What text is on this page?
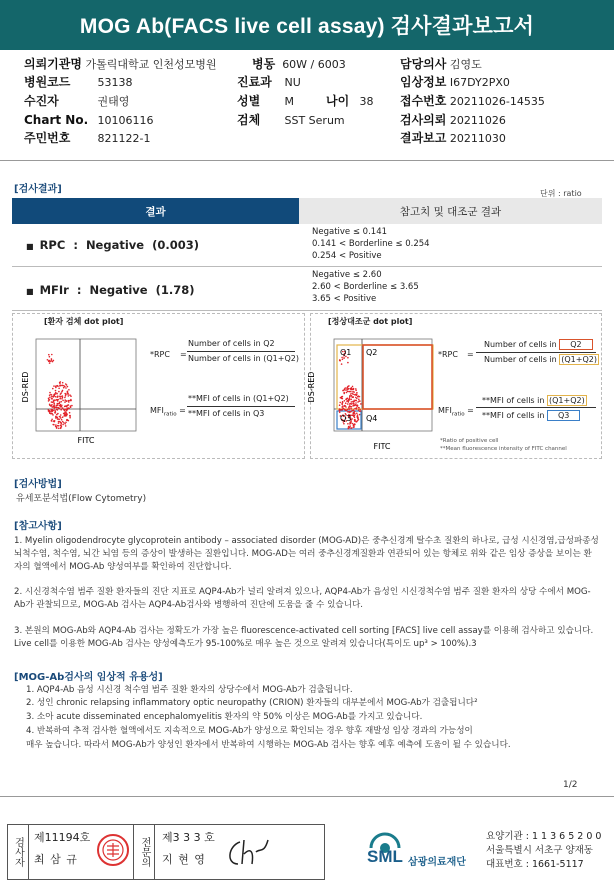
MOG Ab(FACS live cell assay) 검사결과보고서
의뢰기관명 가톨릭대학교 인천성모병원	병동 60W / 6003	담당의사 김영도
병원코드 53138	진료과 NU	임상정보 I67DY2PX0
수진자	권태영	성별 M	나이 38 접수번호 20211026-14535
Chart No. 10106116	검체 SST Serum	검사의뢰 20211026
주민번호 821122-1	결과보고 20211030
[검사결과]	단위 : ratio
결과	참고치 및 대조군 결과
■ RPC : Negative (0.003)
Negative ≤ 0.141
0.141 < Borderline ≤ 0.254
0.254 < Positive
■ MFIr : Negative (1.78)
Negative ≤ 2.60
2.60 < Borderline ≤ 3.65
3.65 < Positive
[환자 검체 dot plot]	[정상대조군 dot plot]
FITC
DS-RED
*RPC =
Number of cells in Q2
Number of cells in (Q1+Q2)
$MFI_{ratio}$ =
**MFI of cells in (Q1+Q2)
**MFI of cells in Q3
Q1 Q2
Q3 Q4
FITC
DS-RED
*RPC =
Number of cells in Q2
Number of cells in (Q1+Q2)
$MFI_{ratio}$ =
**MFI of cells in (Q1+Q2)
**MFI of cells in Q3
*Ratio of positive cell
**Mean fluorescence intensity of FITC channel
[검사방법]
유세포분석법(Flow Cytometry)
[참고사항]
1. Myelin oligodendrocyte glycoprotein antibody – associated disorder (MOG-AD)은 중추신경계 탈수초 질환의 하나로, 급성 시신경염,급성파종성 뇌척수염, 척수염, 뇌간 뇌염 등의 증상이 발생하는 질환입니다. MOG-AD는 여러 중추신경계질환과 연관되어 있는 항체로 위와 같은 임상 증상을 보이는 환자의 혈액에서 MOG-Ab 양성여부를 확인하여 진단합니다.
2. 시신경척수염 범주 질환 환자들의 진단 지표로 AQP4-Ab가 널리 알려져 있으나, AQP4-Ab가 음성인 시신경척수염 범주 질환 환자의 상당 수에서 MOG-Ab가 관찰되므로, MOG-Ab 검사는 AQP4-Ab검사와 병행하여 진단에 도움을 줄 수 있습니다.
3. 본원의 MOG-Ab와 AQP4-Ab 검사는 정확도가 가장 높은 fluorescence-activated cell sorting [FACS] live cell assay를 이용해 검사하고 있습니다. Live cell를 이용한 MOG-Ab 검사는 양성예측도가 95-100%로 매우 높은 것으로 알려져 있습니다(특이도 up³ > 100%).3
[MOG-Ab검사의 임상적 유용성]
1. AQP4-Ab 음성 시신경 척수염 범주 질환 환자의 상당수에서 MOG-Ab가 검출됩니다.
2. 성인 chronic relapsing inflammatory optic neuropathy (CRION) 환자들의 대부분에서 MOG-Ab가 검출됩니다²
3. 소아 acute disseminated encephalomyelitis 환자의 약 50% 이상은 MOG-Ab를 가지고 있습니다.
4. 반복하여 추적 검사한 혈액에서도 지속적으로 MOG-Ab가 양성으로 확인되는 경우 향후 재발성 임상 경과의 가능성이
매우 높습니다. 따라서 MOG-Ab가 양성인 환자에서 반복하여 시행하는 MOG-Ab 검사는 향후 예후 예측에 도움이 될 수 있습니다.
1/2
검사자 제11194호
최 삼 규	전문의	제3 3 3 호
지 현 영	SML 삼광의료재단
요양기관 : 1 1 3 6 5 2 0 0
서울특별시 서초구 양재동
대표번호 : 1661-5117
